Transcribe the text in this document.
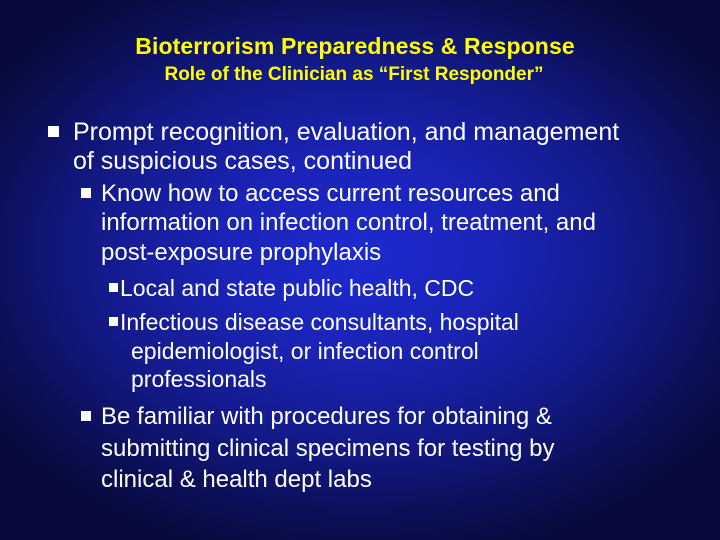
Bioterrorism Preparedness & Response
Role of the Clinician as “First Responder”
Prompt recognition, evaluation, and management
of suspicious cases, continued
Know how to access current resources and
information on infection control, treatment, and
post-exposure prophylaxis
Local and state public health, CDC
Infectious disease consultants, hospital
epidemiologist, or infection control
professionals
Be familiar with procedures for obtaining &
submitting clinical specimens for testing by
clinical & health dept labs
